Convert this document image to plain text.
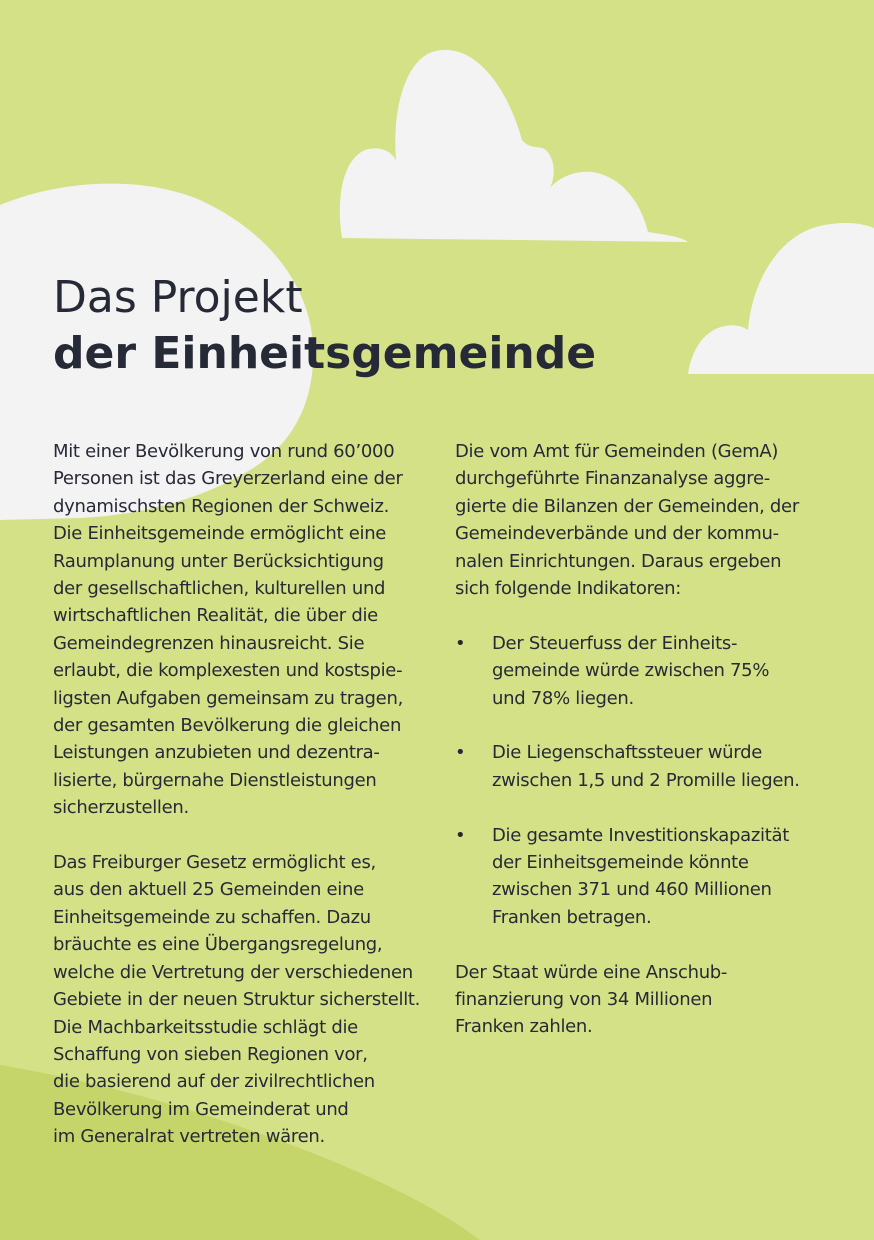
Das Projekt
der Einheitsgemeinde
Mit einer Bevölkerung von rund 60’000
Personen ist das Greyerzerland eine der
dynamischsten Regionen der Schweiz.
Die Einheitsgemeinde ermöglicht eine
Raumplanung unter Berücksichtigung
der gesellschaftlichen, kulturellen und
wirtschaftlichen Realität, die über die
Gemeindegrenzen hinausreicht. Sie
erlaubt, die komplexesten und kostspie-
ligsten Aufgaben gemeinsam zu tragen,
der gesamten Bevölkerung die gleichen
Leistungen anzubieten und dezentra-
lisierte, bürgernahe Dienstleistungen
sicherzustellen.
Das Freiburger Gesetz ermöglicht es,
aus den aktuell 25 Gemeinden eine
Einheitsgemeinde zu schaffen. Dazu
bräuchte es eine Übergangsregelung,
welche die Vertretung der verschiedenen
Gebiete in der neuen Struktur sicherstellt.
Die Machbarkeitsstudie schlägt die
Schaffung von sieben Regionen vor,
die basierend auf der zivilrechtlichen
Bevölkerung im Gemeinderat und
im Generalrat vertreten wären.
Die vom Amt für Gemeinden (GemA)
durchgeführte Finanzanalyse aggre-
gierte die Bilanzen der Gemeinden, der
Gemeindeverbände und der kommu-
nalen Einrichtungen. Daraus ergeben
sich folgende Indikatoren:
• Der Steuerfuss der Einheits-
gemeinde würde zwischen 75%
und 78% liegen.
• Die Liegenschaftssteuer würde
zwischen 1,5 und 2 Promille liegen.
• Die gesamte Investitionskapazität
der Einheitsgemeinde könnte
zwischen 371 und 460 Millionen
Franken betragen.
Der Staat würde eine Anschub-
finanzierung von 34 Millionen
Franken zahlen.
